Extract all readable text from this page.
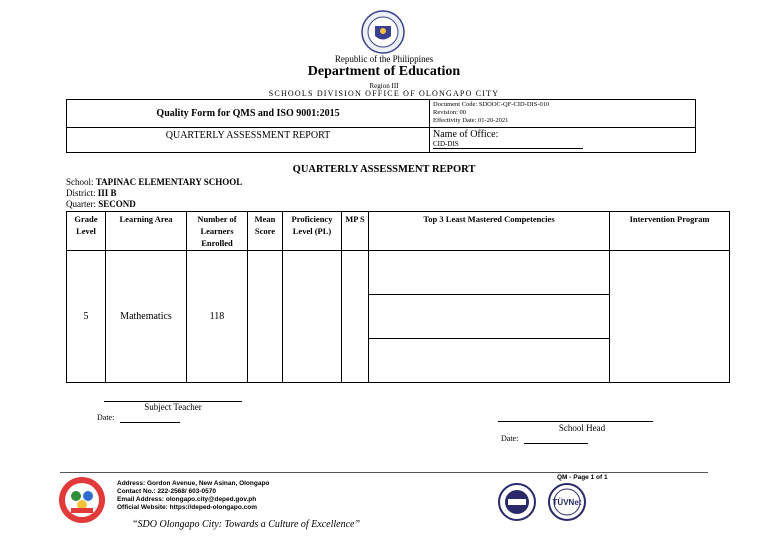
Republic of the Philippines
Department of Education
Region III
SCHOOLS DIVISION OFFICE OF OLONGAPO CITY
Quality Form for QMS and ISO 9001:2015	Document Code: SDOOC-QF-CID-DIS-010
Revision: 00
Effectivity Date: 01-20-2021

QUARTERLY ASSESSMENT REPORT	Name of Office:
CID-DIS
QUARTERLY ASSESSMENT REPORT
School: TAPINAC ELEMENTARY SCHOOL
District: III B
Quarter: SECOND
Grade Level	Learning Area	Number of Learners Enrolled	Mean Score	Proficiency Level (PL)	MP S	Top 3 Least Mastered Competencies	Intervention Program
5	Mathematics	118					

Subject Teacher
Date:
School Head
Date:
Address: Gordon Avenue, New Asinan, Olongapo
Contact No.: 222-2568/ 603-0570
Email Address: olongapo.city@deped.gov.ph
Official Website: https://deped-olongapo.com
“SDO Olongapo City: Towards a Culture of Excellence”
QM - Page 1 of 1
TÜVNet
